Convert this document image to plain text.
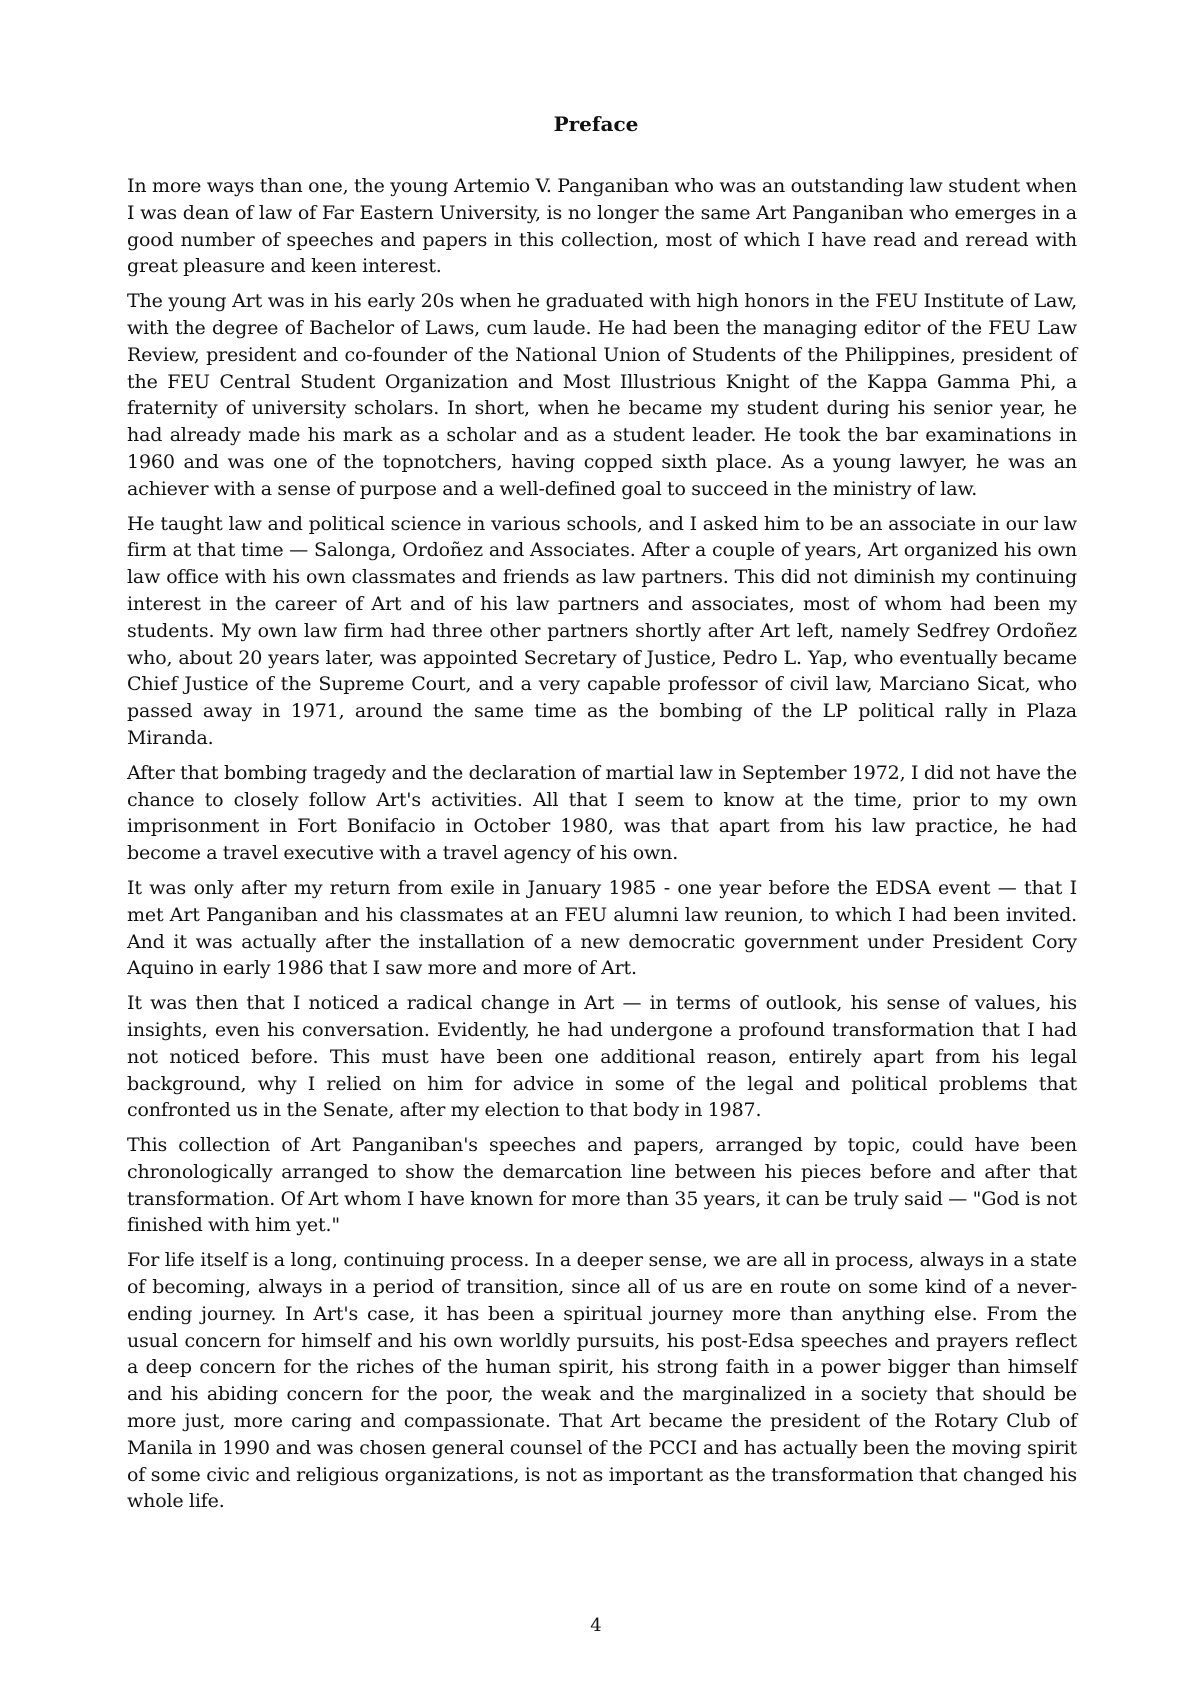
Preface

In more ways than one, the young Artemio V. Panganiban who was an outstanding law student when I was dean of law of Far Eastern University, is no longer the same Art Panganiban who emerges in a good number of speeches and papers in this collection, most of which I have read and reread with great pleasure and keen interest.

The young Art was in his early 20s when he graduated with high honors in the FEU Institute of Law, with the degree of Bachelor of Laws, cum laude. He had been the managing editor of the FEU Law Review, president and co-founder of the National Union of Students of the Philippines, president of the FEU Central Student Organization and Most Illustrious Knight of the Kappa Gamma Phi, a fraternity of university scholars. In short, when he became my student during his senior year, he had already made his mark as a scholar and as a student leader. He took the bar examinations in 1960 and was one of the topnotchers, having copped sixth place. As a young lawyer, he was an achiever with a sense of purpose and a well-defined goal to succeed in the ministry of law.

He taught law and political science in various schools, and I asked him to be an associate in our law firm at that time — Salonga, Ordoñez and Associates. After a couple of years, Art organized his own law office with his own classmates and friends as law partners. This did not diminish my continuing interest in the career of Art and of his law partners and associates, most of whom had been my students. My own law firm had three other partners shortly after Art left, namely Sedfrey Ordoñez who, about 20 years later, was appointed Secretary of Justice, Pedro L. Yap, who eventually became Chief Justice of the Supreme Court, and a very capable professor of civil law, Marciano Sicat, who passed away in 1971, around the same time as the bombing of the LP political rally in Plaza Miranda.

After that bombing tragedy and the declaration of martial law in September 1972, I did not have the chance to closely follow Art's activities. All that I seem to know at the time, prior to my own imprisonment in Fort Bonifacio in October 1980, was that apart from his law practice, he had become a travel executive with a travel agency of his own.

It was only after my return from exile in January 1985 - one year before the EDSA event — that I met Art Panganiban and his classmates at an FEU alumni law reunion, to which I had been invited. And it was actually after the installation of a new democratic government under President Cory Aquino in early 1986 that I saw more and more of Art.

It was then that I noticed a radical change in Art — in terms of outlook, his sense of values, his insights, even his conversation. Evidently, he had undergone a profound transformation that I had not noticed before. This must have been one additional reason, entirely apart from his legal background, why I relied on him for advice in some of the legal and political problems that confronted us in the Senate, after my election to that body in 1987.

This collection of Art Panganiban's speeches and papers, arranged by topic, could have been chronologically arranged to show the demarcation line between his pieces before and after that transformation. Of Art whom I have known for more than 35 years, it can be truly said — "God is not finished with him yet."

For life itself is a long, continuing process. In a deeper sense, we are all in process, always in a state of becoming, always in a period of transition, since all of us are en route on some kind of a never-ending journey. In Art's case, it has been a spiritual journey more than anything else. From the usual concern for himself and his own worldly pursuits, his post-Edsa speeches and prayers reflect a deep concern for the riches of the human spirit, his strong faith in a power bigger than himself and his abiding concern for the poor, the weak and the marginalized in a society that should be more just, more caring and compassionate. That Art became the president of the Rotary Club of Manila in 1990 and was chosen general counsel of the PCCI and has actually been the moving spirit of some civic and religious organizations, is not as important as the transformation that changed his whole life.

4
